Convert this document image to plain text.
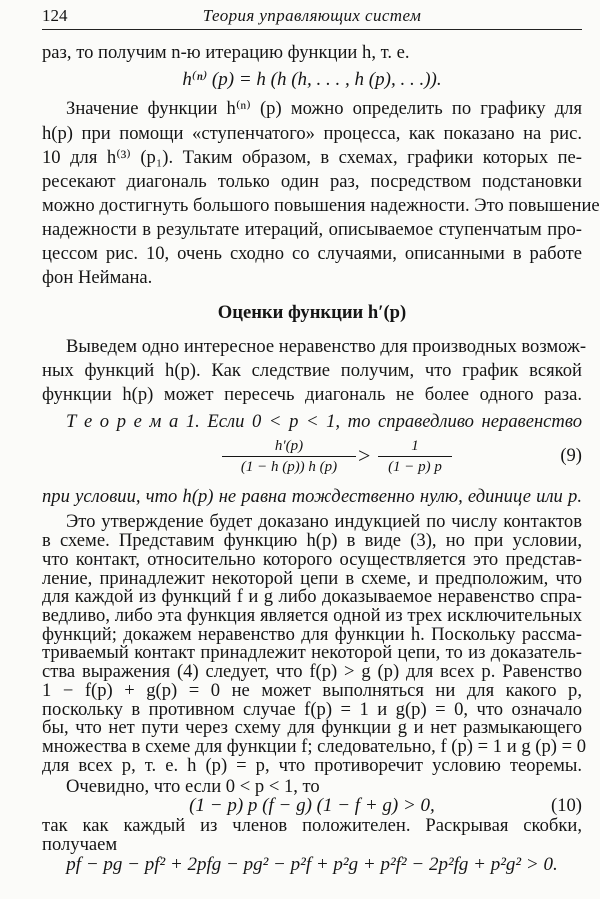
124	Теория управляющих систем
раз, то получим n-ю итерацию функции h, т. е.
h⁽ⁿ⁾ (p) = h (h (h, . . . , h (p), . . .)).
Значение функции h⁽ⁿ⁾ (p) можно определить по графику для
h(p) при помощи «ступенчатого» процесса, как показано на рис.
10 для h⁽³⁾ (p₁). Таким образом, в схемах, графики которых пе-
ресекают диагональ только один раз, посредством подстановки
можно достигнуть большого повышения надежности. Это повышение
надежности в результате итераций, описываемое ступенчатым про-
цессом рис. 10, очень сходно со случаями, описанными в работе
фон Неймана.
Оценки функции h′(p)
Выведем одно интересное неравенство для производных возмож-
ных функций h(p). Как следствие получим, что график всякой
функции h(p) может пересечь диагональ не более одного раза.
Т е о р е м а 1. Если 0 < p < 1, то справедливо неравенство
h′(p)
(1 − h (p)) h (p) >	1
(1 − p) p
(9)
при условии, что h(p) не равна тождественно нулю, единице или p.
Это утверждение будет доказано индукцией по числу контактов
в схеме. Представим функцию h(p) в виде (3), но при условии,
что контакт, относительно которого осуществляется это представ-
ление, принадлежит некоторой цепи в схеме, и предположим, что
для каждой из функций f и g либо доказываемое неравенство спра-
ведливо, либо эта функция является одной из трех исключительных
функций; докажем неравенство для функции h. Поскольку рассма-
триваемый контакт принадлежит некоторой цепи, то из доказатель-
ства выражения (4) следует, что f(p) > g (p) для всех p. Равенство
1 − f(p) + g(p) = 0 не может выполняться ни для какого p,
поскольку в противном случае f(p) = 1 и g(p) = 0, что означало
бы, что нет пути через схему для функции g и нет размыкающего
множества в схеме для функции f; следовательно, f (p) = 1 и g (p) = 0
для всех p, т. е. h (p) = p, что противоречит условию теоремы.
Очевидно, что если 0 < p < 1, то
(1 − p) p (f − g) (1 − f + g) > 0,	(10)
так как каждый из членов положителен. Раскрывая скобки,
получаем
pf − pg − pf² + 2pfg − pg² − p²f + p²g + p²f² − 2p²fg + p²g² > 0.
